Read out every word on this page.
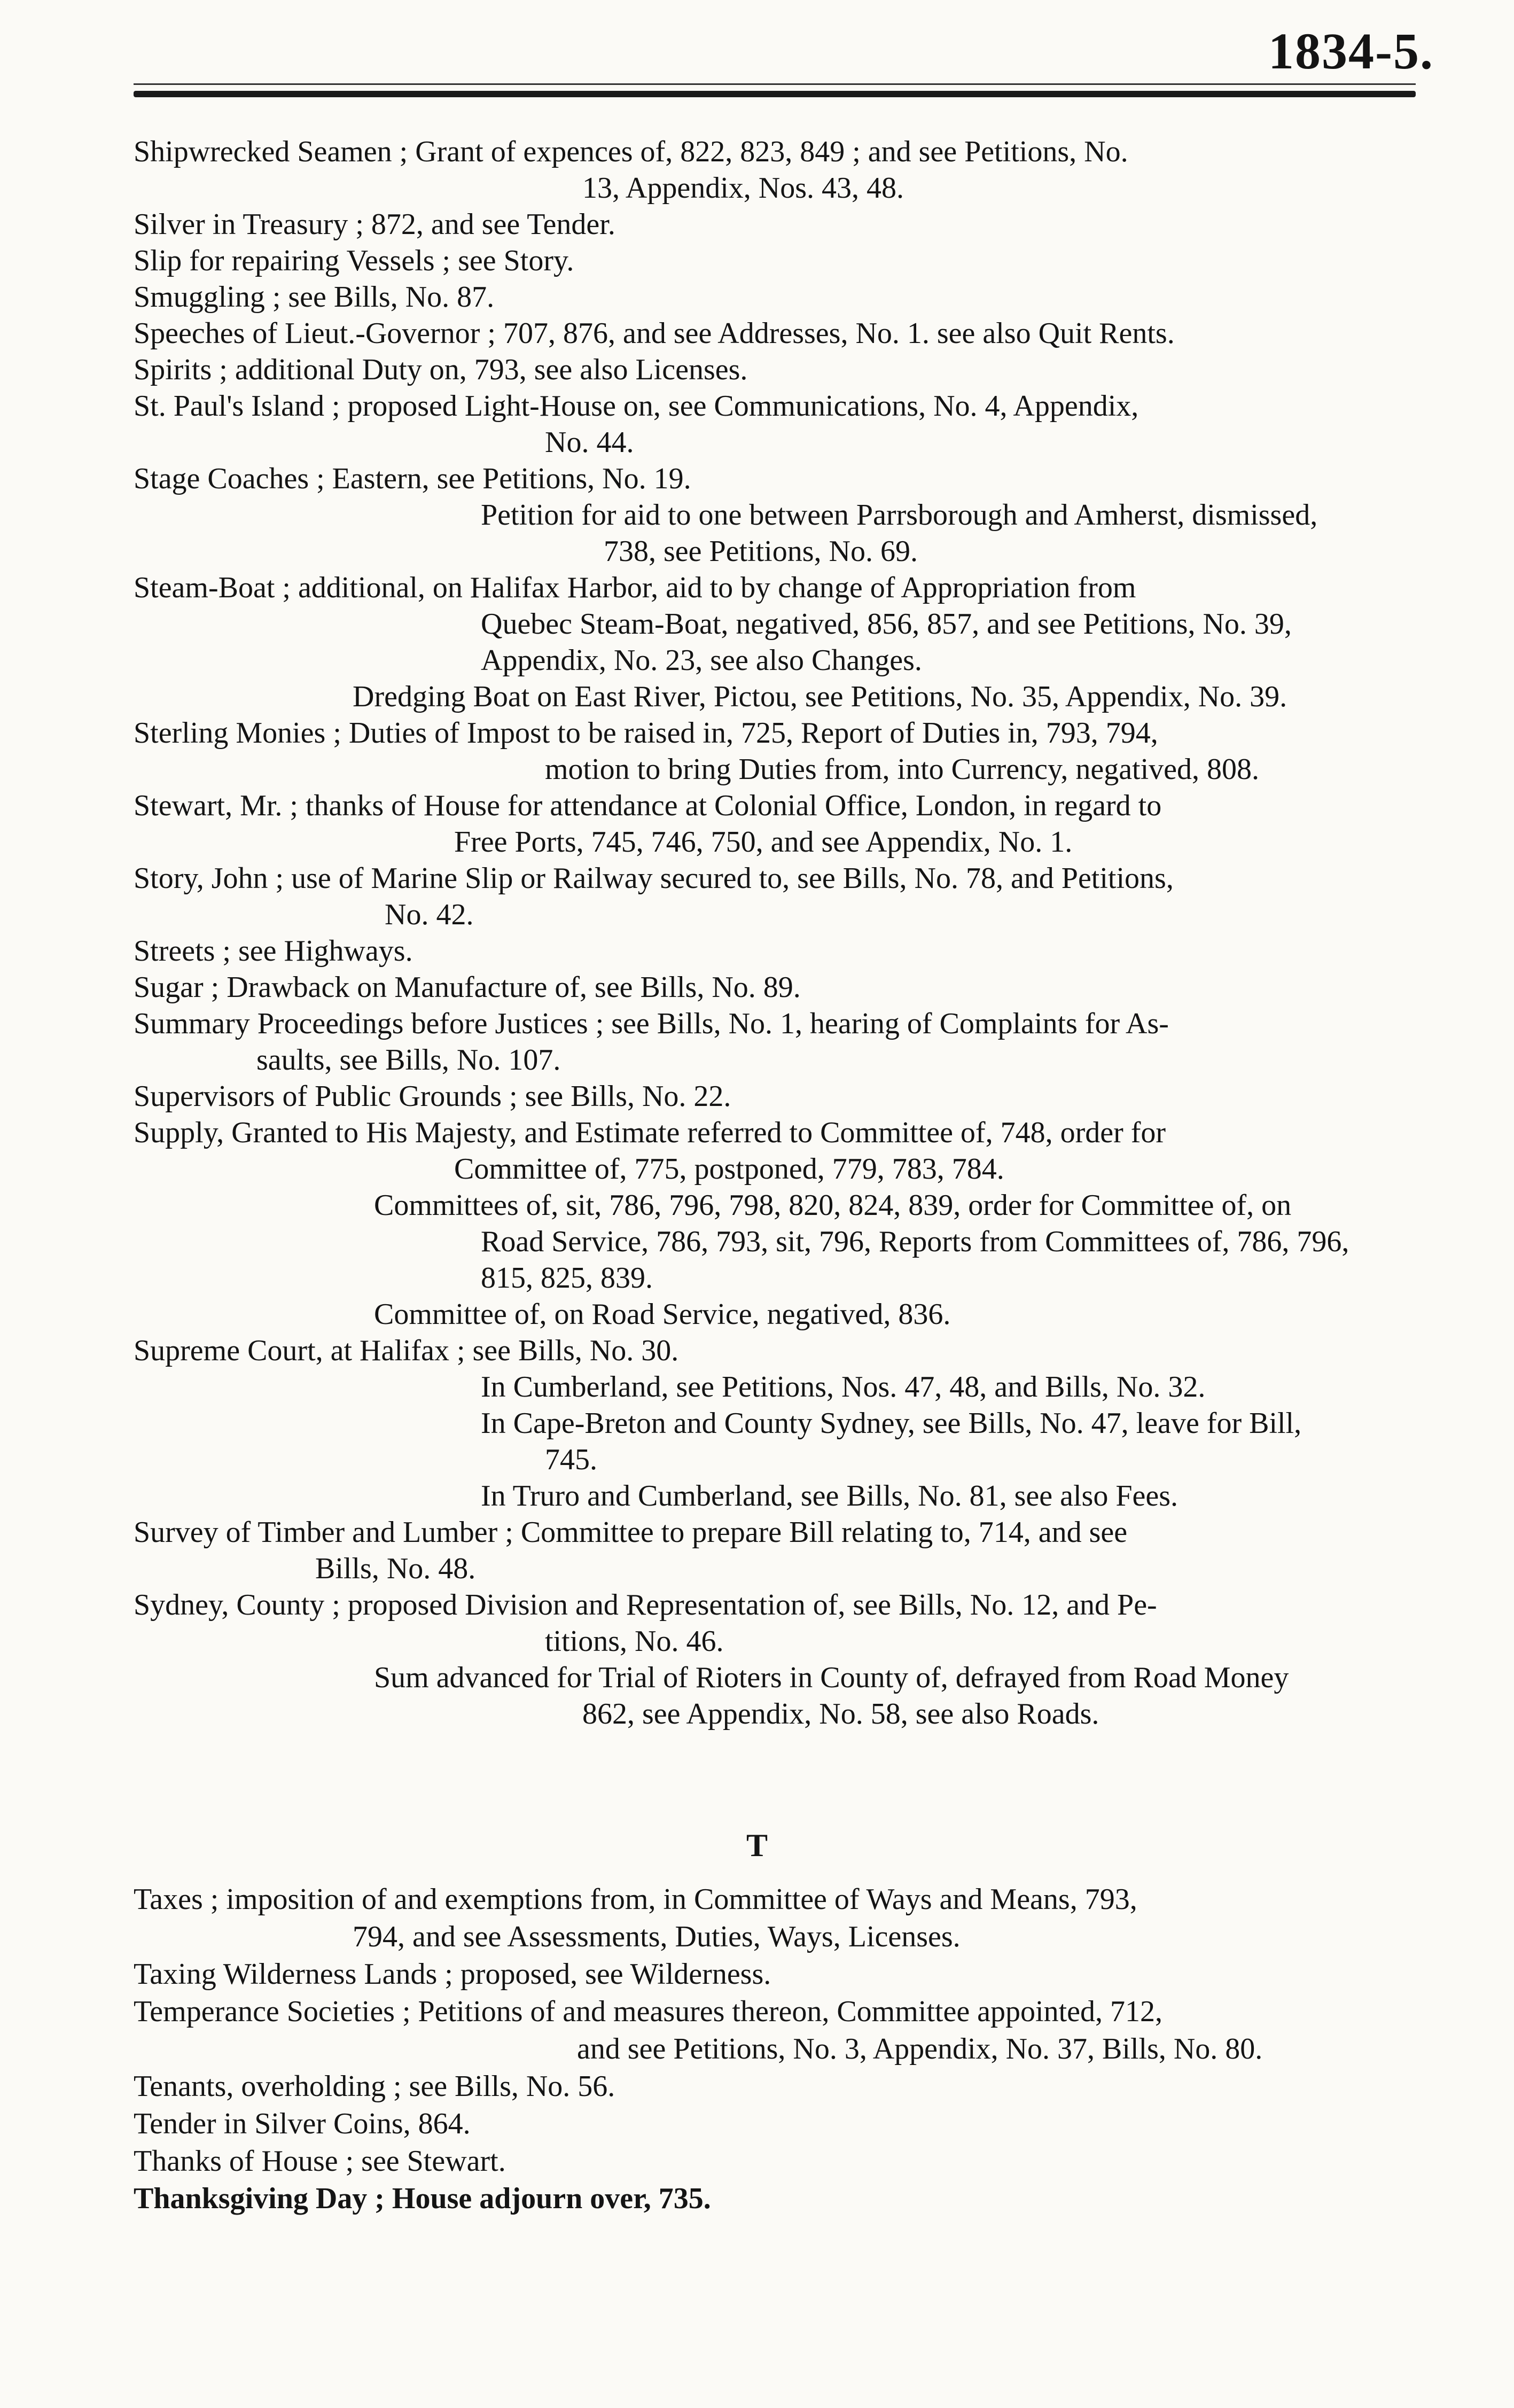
1834-5.
Shipwrecked Seamen ; Grant of expences of, 822, 823, 849 ; and see Petitions, No.
13, Appendix, Nos. 43, 48.
Silver in Treasury ; 872, and see Tender.
Slip for repairing Vessels ; see Story.
Smuggling ; see Bills, No. 87.
Speeches of Lieut.-Governor ; 707, 876, and see Addresses, No. 1. see also Quit Rents.
Spirits ; additional Duty on, 793, see also Licenses.
St. Paul's Island ; proposed Light-House on, see Communications, No. 4, Appendix,
No. 44.
Stage Coaches ; Eastern, see Petitions, No. 19.
Petition for aid to one between Parrsborough and Amherst, dismissed,
738, see Petitions, No. 69.
Steam-Boat ; additional, on Halifax Harbor, aid to by change of Appropriation from
Quebec Steam-Boat, negatived, 856, 857, and see Petitions, No. 39,
Appendix, No. 23, see also Changes.
Dredging Boat on East River, Pictou, see Petitions, No. 35, Appendix, No. 39.
Sterling Monies ; Duties of Impost to be raised in, 725, Report of Duties in, 793, 794,
motion to bring Duties from, into Currency, negatived, 808.
Stewart, Mr. ; thanks of House for attendance at Colonial Office, London, in regard to
Free Ports, 745, 746, 750, and see Appendix, No. 1.
Story, John ; use of Marine Slip or Railway secured to, see Bills, No. 78, and Petitions,
No. 42.
Streets ; see Highways.
Sugar ; Drawback on Manufacture of, see Bills, No. 89.
Summary Proceedings before Justices ; see Bills, No. 1, hearing of Complaints for As-
saults, see Bills, No. 107.
Supervisors of Public Grounds ; see Bills, No. 22.
Supply, Granted to His Majesty, and Estimate referred to Committee of, 748, order for
Committee of, 775, postponed, 779, 783, 784.
Committees of, sit, 786, 796, 798, 820, 824, 839, order for Committee of, on
Road Service, 786, 793, sit, 796, Reports from Committees of, 786, 796,
815, 825, 839.
Committee of, on Road Service, negatived, 836.
Supreme Court, at Halifax ; see Bills, No. 30.
In Cumberland, see Petitions, Nos. 47, 48, and Bills, No. 32.
In Cape-Breton and County Sydney, see Bills, No. 47, leave for Bill,
745.
In Truro and Cumberland, see Bills, No. 81, see also Fees.
Survey of Timber and Lumber ; Committee to prepare Bill relating to, 714, and see
Bills, No. 48.
Sydney, County ; proposed Division and Representation of, see Bills, No. 12, and Pe-
titions, No. 46.
Sum advanced for Trial of Rioters in County of, defrayed from Road Money
862, see Appendix, No. 58, see also Roads.
T
Taxes ; imposition of and exemptions from, in Committee of Ways and Means, 793,
794, and see Assessments, Duties, Ways, Licenses.
Taxing Wilderness Lands ; proposed, see Wilderness.
Temperance Societies ; Petitions of and measures thereon, Committee appointed, 712,
and see Petitions, No. 3, Appendix, No. 37, Bills, No. 80.
Tenants, overholding ; see Bills, No. 56.
Tender in Silver Coins, 864.
Thanks of House ; see Stewart.
Thanksgiving Day ; House adjourn over, 735.
